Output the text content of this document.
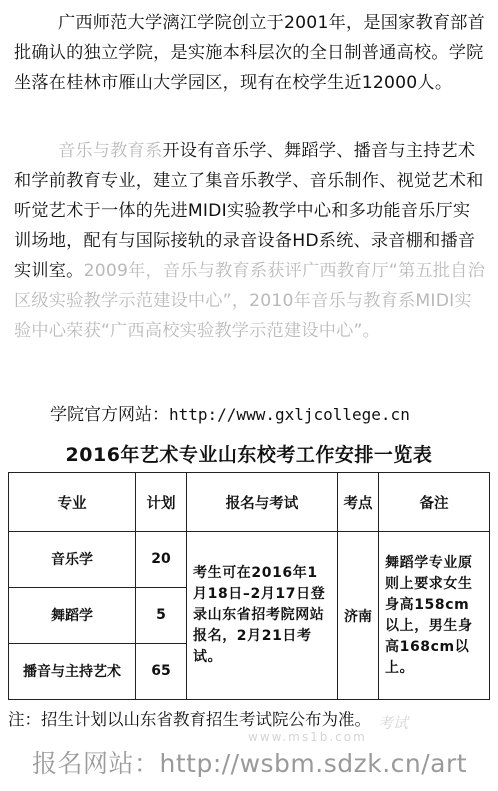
广西师范大学漓江学院创立于2001年，是国家教育部首批确认的独立学院，是实施本科层次的全日制普通高校。学院坐落在桂林市雁山大学园区，现有在校学生近12000人。

音乐与教育系开设有音乐学、舞蹈学、播音与主持艺术和学前教育专业，建立了集音乐教学、音乐制作、视觉艺术和听觉艺术于一体的先进MIDI实验教学中心和多功能音乐厅实训场地，配有与国际接轨的录音设备HD系统、录音棚和播音实训室。2009年，音乐与教育系获评广西教育厅“第五批自治区级实验教学示范建设中心”，2010年音乐与教育系MIDI实验中心荣获“广西高校实验教学示范建设中心”。

学院官方网站：http://www.gxljcollege.cn

2016年艺术专业山东校考工作安排一览表
专业	计划	报名与考试	考点	备注
音乐学	20	考生可在2016年1月18日–2月17日登录山东省招考院网站报名，2月21日考试。	济南	舞蹈学专业原则上要求女生身高158cm以上，男生身高168cm以上。

舞蹈学	5			
播音与主持艺术	65			

注：招生计划以山东省教育招生考试院公布为准。 考试

www.ms1b.com

报名网站：http://wsbm.sdzk.cn/art
